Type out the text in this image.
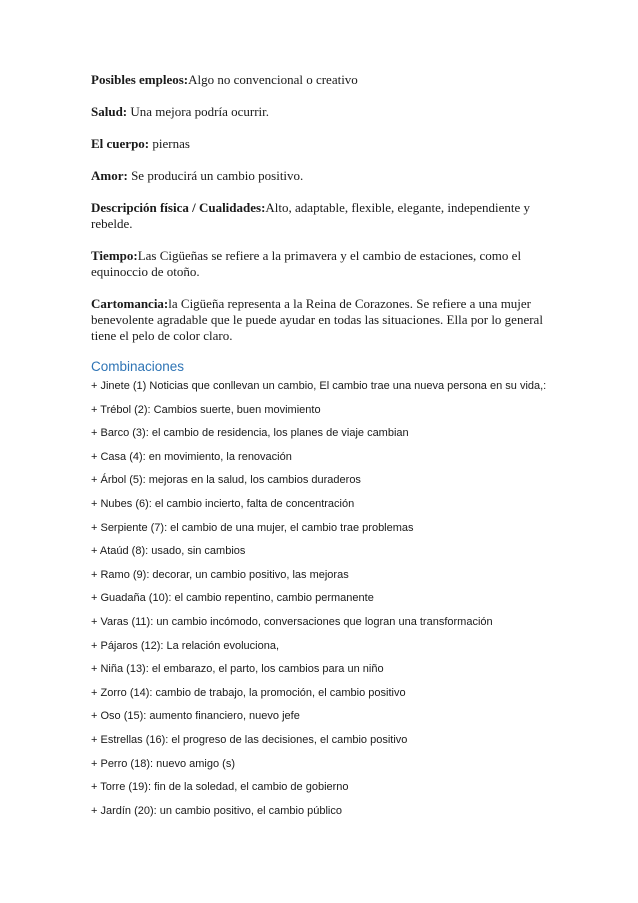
Posibles empleos:Algo no convencional o creativo

Salud: Una mejora podría ocurrir.

El cuerpo: piernas

Amor: Se producirá un cambio positivo.

Descripción física / Cualidades:Alto, adaptable, flexible, elegante, independiente y rebelde.

Tiempo:Las Cigüeñas se refiere a la primavera y el cambio de estaciones, como el equinoccio de otoño.

Cartomancia:la Cigüeña representa a la Reina de Corazones. Se refiere a una mujer benevolente agradable que le puede ayudar en todas las situaciones. Ella por lo general tiene el pelo de color claro.

Combinaciones
+ Jinete (1) Noticias que conllevan un cambio, El cambio trae una nueva persona en su vida,:
+ Trébol (2): Cambios suerte, buen movimiento
+ Barco (3): el cambio de residencia, los planes de viaje cambian
+ Casa (4): en movimiento, la renovación
+ Árbol (5): mejoras en la salud, los cambios duraderos
+ Nubes (6): el cambio incierto, falta de concentración
+ Serpiente (7): el cambio de una mujer, el cambio trae problemas
+ Ataúd (8): usado, sin cambios
+ Ramo (9): decorar, un cambio positivo, las mejoras
+ Guadaña (10): el cambio repentino, cambio permanente
+ Varas (11): un cambio incómodo, conversaciones que logran una transformación
+ Pájaros (12): La relación evoluciona,
+ Niña (13): el embarazo, el parto, los cambios para un niño
+ Zorro (14): cambio de trabajo, la promoción, el cambio positivo
+ Oso (15): aumento financiero, nuevo jefe
+ Estrellas (16): el progreso de las decisiones, el cambio positivo
+ Perro (18): nuevo amigo (s)
+ Torre (19): fin de la soledad, el cambio de gobierno
+ Jardín (20): un cambio positivo, el cambio público
